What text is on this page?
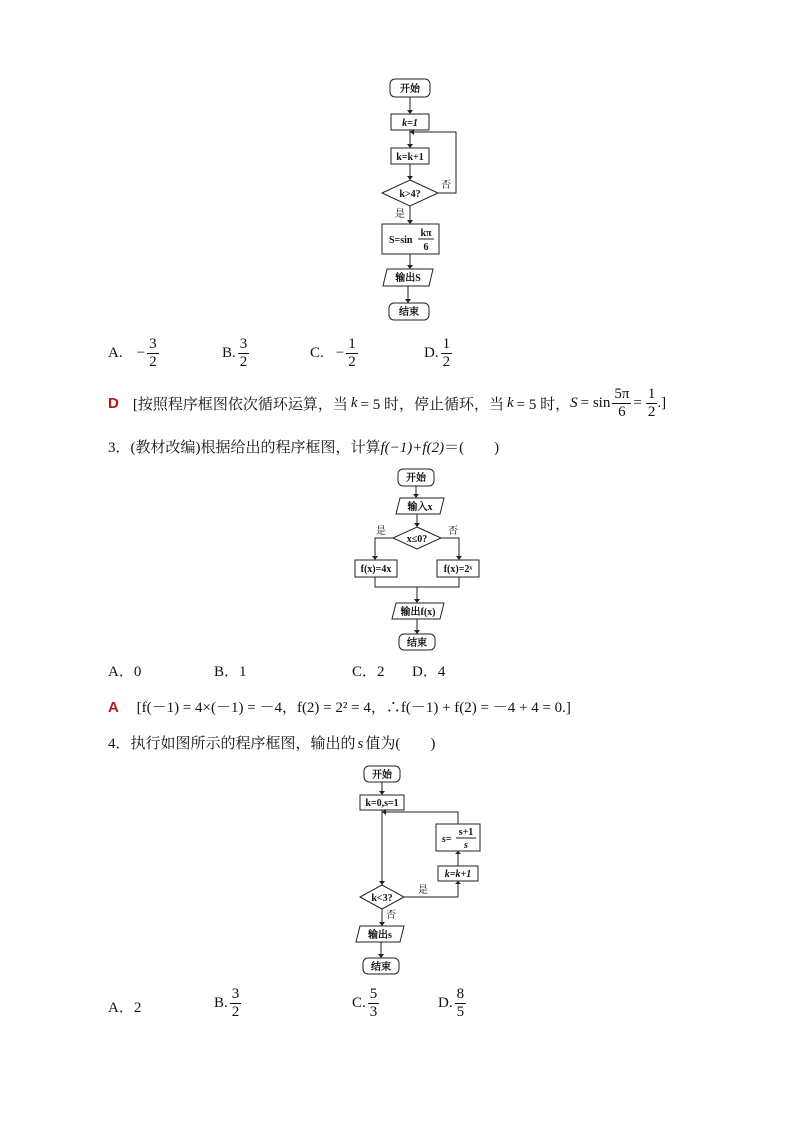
开始
k=1
k=k+1
k>4?
否
是
S=sin
kπ
6
输出S
结束
A. − $\frac{3}{2}$	B. $\frac{3}{2}$	C. − $\frac{1}{2}$	D. $\frac{1}{2}$
D [按照程序框图依次循环运算，当 k = 5 时，停止循环，当 k = 5 时， $S = \sin \frac{5\pi}{6} = \frac{1}{2}$ .]
3．(教材改编)根据给出的程序框图，计算f(−1)+f(2)＝(　　)
开始
输入x
x≤0?
是	否
f(x)=4x	f(x)=2ˣ
输出f(x)
结束
A．0	B．1	C．2 D．4
A [f(－1) = 4×(－1) = －4，f(2) = 2² = 4，∴f(－1) + f(2) = －4 + 4 = 0.]
4．执行如图所示的程序框图，输出的 s 值为(　　)
开始
k=0,s=1
s=
s+1
s
k=k+1
是
k<3?
否
输出s
结束
A．2	B. $\frac{3}{2}$	C. $\frac{5}{3}$	D. $\frac{8}{5}$
